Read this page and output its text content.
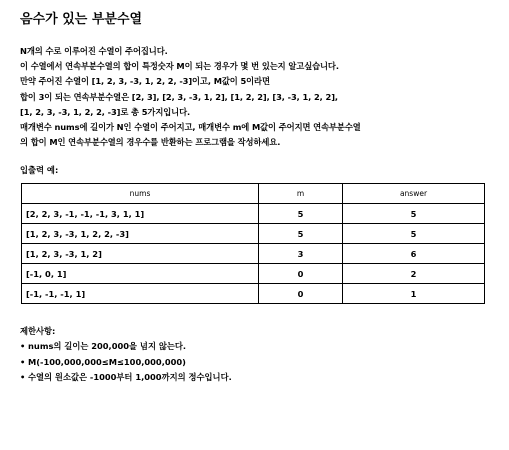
음수가 있는 부분수열
N개의 수로 이루어진 수열이 주어집니다.
이 수열에서 연속부분수열의 합이 특정숫자 M이 되는 경우가 몇 번 있는지 알고싶습니다.
만약 주어진 수열이 [1, 2, 3, -3, 1, 2, 2, -3]이고, M값이 5이라면
합이 3이 되는 연속부분수열은 [2, 3], [2, 3, -3, 1, 2], [1, 2, 2], [3, -3, 1, 2, 2],
[1, 2, 3, -3, 1, 2, 2, -3]로 총 5가지입니다.
매개변수 nums에 길이가 N인 수열이 주어지고, 매개변수 m에 M값이 주어지면 연속부분수열
의 합이 M인 연속부분수열의 경우수를 반환하는 프로그램을 작성하세요.
입출력 예:
nums	m	answer
[2, 2, 3, -1, -1, -1, 3, 1, 1]	5	5
[1, 2, 3, -3, 1, 2, 2, -3]	5	5
[1, 2, 3, -3, 1, 2]	3	6
[-1, 0, 1]	0	2
[-1, -1, -1, 1]	0	1
제한사항:
• nums의 길이는 200,000을 넘지 않는다.
• M(-100,000,000≤M≤100,000,000)
• 수열의 원소값은 -1000부터 1,000까지의 정수입니다.
